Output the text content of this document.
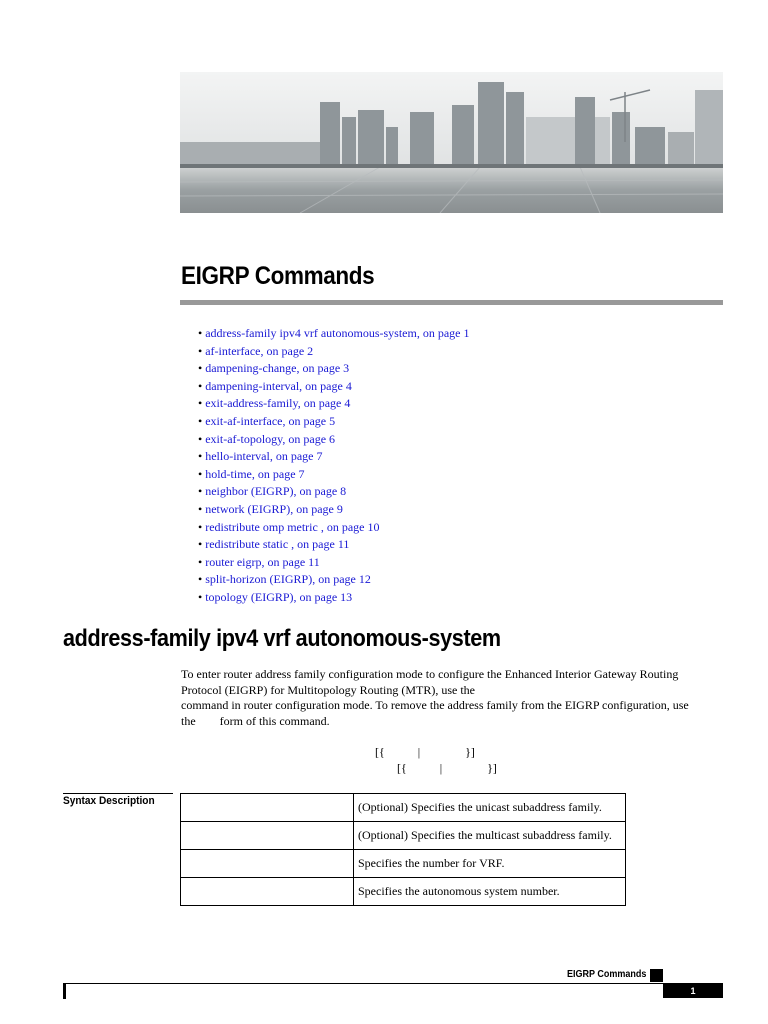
EIGRP Commands
• address-family ipv4 vrf autonomous-system, on page 1
• af-interface, on page 2
• dampening-change, on page 3
• dampening-interval, on page 4
• exit-address-family, on page 4
• exit-af-interface, on page 5
• exit-af-topology, on page 6
• hello-interval, on page 7
• hold-time, on page 7
• neighbor (EIGRP), on page 8
• network (EIGRP), on page 9
• redistribute omp metric , on page 10
• redistribute static , on page 11
• router eigrp, on page 11
• split-horizon (EIGRP), on page 12
• topology (EIGRP), on page 13
address-family ipv4 vrf autonomous-system

To enter router address family configuration mode to configure the Enhanced Interior Gateway Routing
Protocol (EIGRP) for Multitopology Routing (MTR), use the
command in router configuration mode. To remove the address family from the EIGRP configuration, use
the        form of this command.

[{           |               }]
[{           |               }]
Syntax Description
		(Optional) Specifies the unicast subaddress family.
	(Optional) Specifies the multicast subaddress family.
	Specifies the number for VRF.
	Specifies the autonomous system number.
EIGRP Commands
1
